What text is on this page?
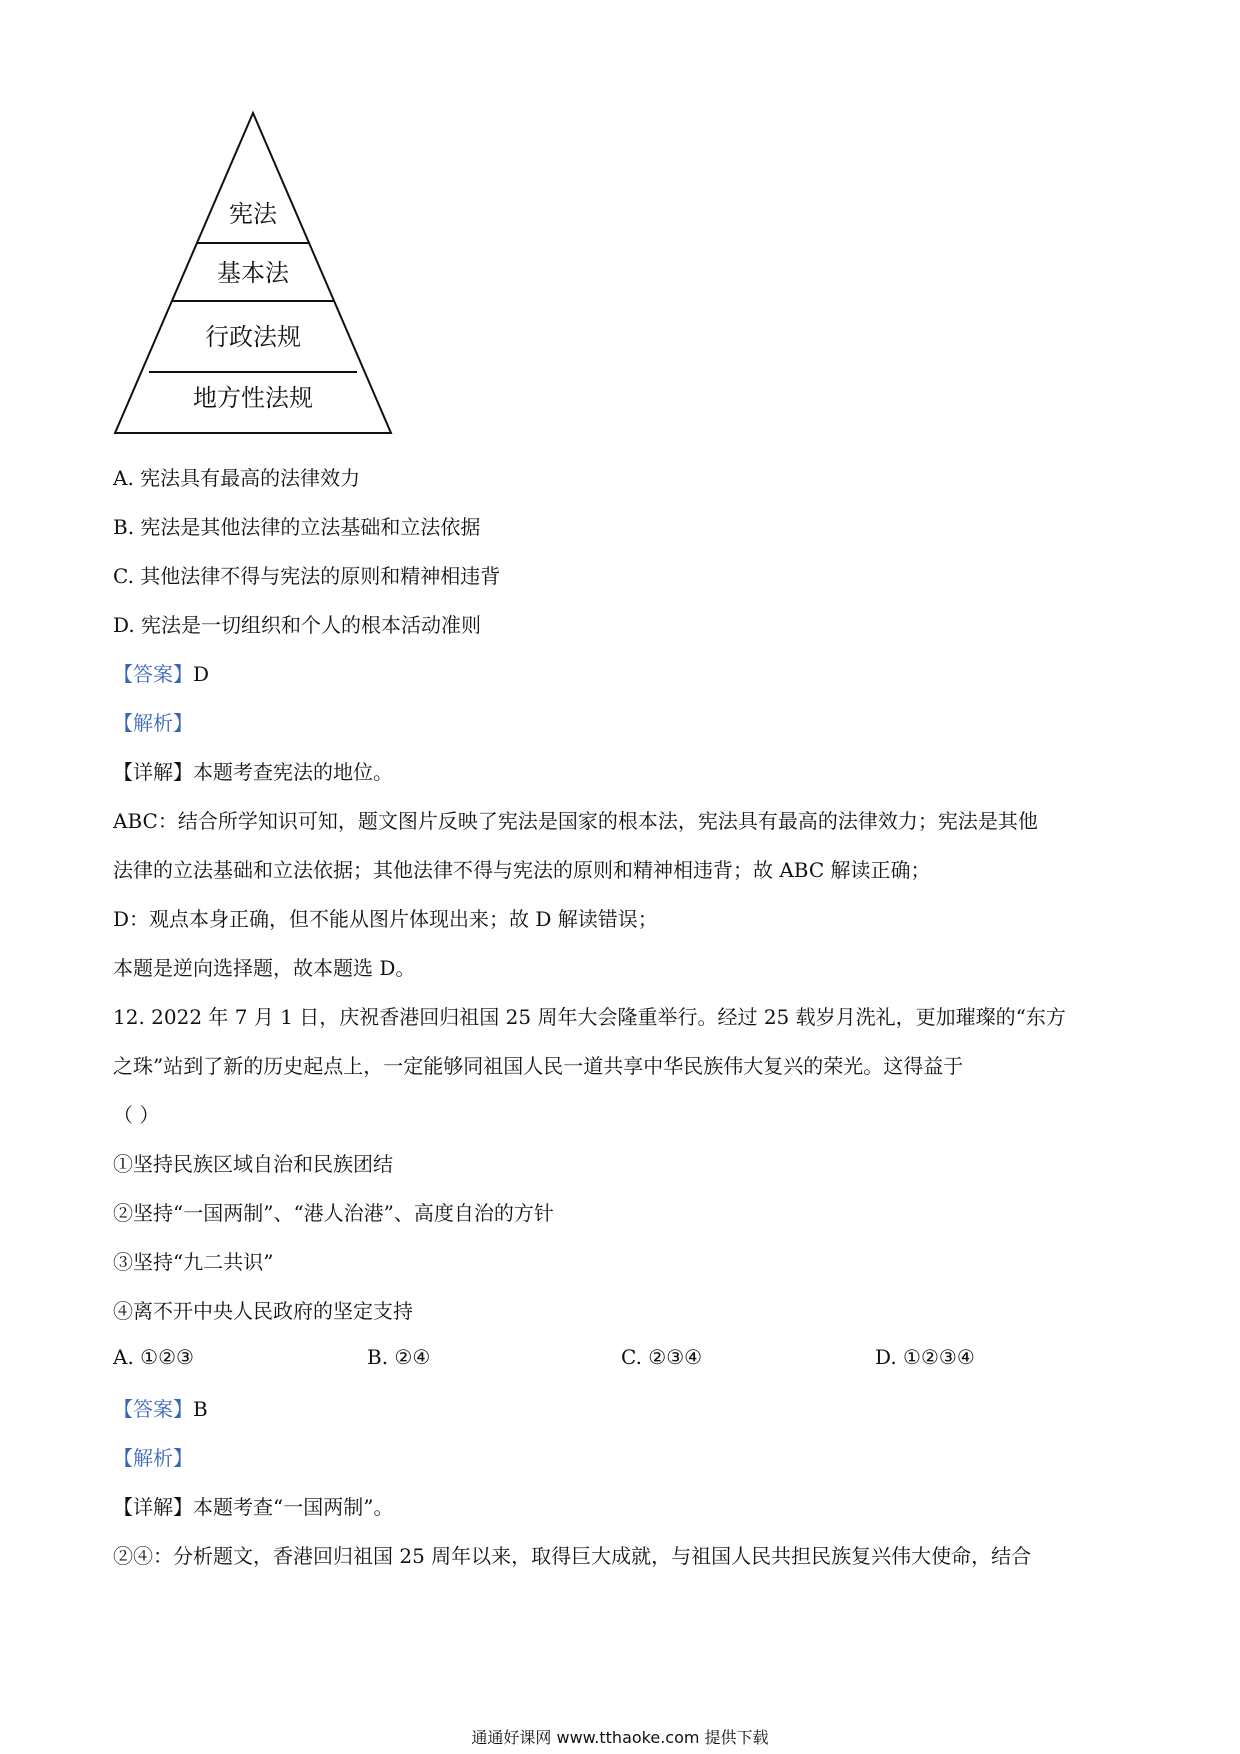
宪法
基本法
行政法规
地方性法规
A. 宪法具有最高的法律效力
B. 宪法是其他法律的立法基础和立法依据
C. 其他法律不得与宪法的原则和精神相违背
D. 宪法是一切组织和个人的根本活动准则
【答案】D
【解析】
【详解】本题考查宪法的地位。
ABC：结合所学知识可知，题文图片反映了宪法是国家的根本法，宪法具有最高的法律效力；宪法是其他
法律的立法基础和立法依据；其他法律不得与宪法的原则和精神相违背；故 ABC 解读正确；
D：观点本身正确，但不能从图片体现出来；故 D 解读错误；
本题是逆向选择题，故本题选 D。
12. 2022 年 7 月 1 日，庆祝香港回归祖国 25 周年大会隆重举行。经过 25 载岁月洗礼，更加璀璨的“东方
之珠”站到了新的历史起点上，一定能够同祖国人民一道共享中华民族伟大复兴的荣光。这得益于
（ ）
①坚持民族区域自治和民族团结
②坚持“一国两制”、“港人治港”、高度自治的方针
③坚持“九二共识”
④离不开中央人民政府的坚定支持
A. ①②③	B. ②④	C. ②③④	D. ①②③④
【答案】B
【解析】
【详解】本题考查“一国两制”。
②④：分析题文，香港回归祖国 25 周年以来，取得巨大成就，与祖国人民共担民族复兴伟大使命，结合
通通好课网 www.tthaoke.com 提供下载
